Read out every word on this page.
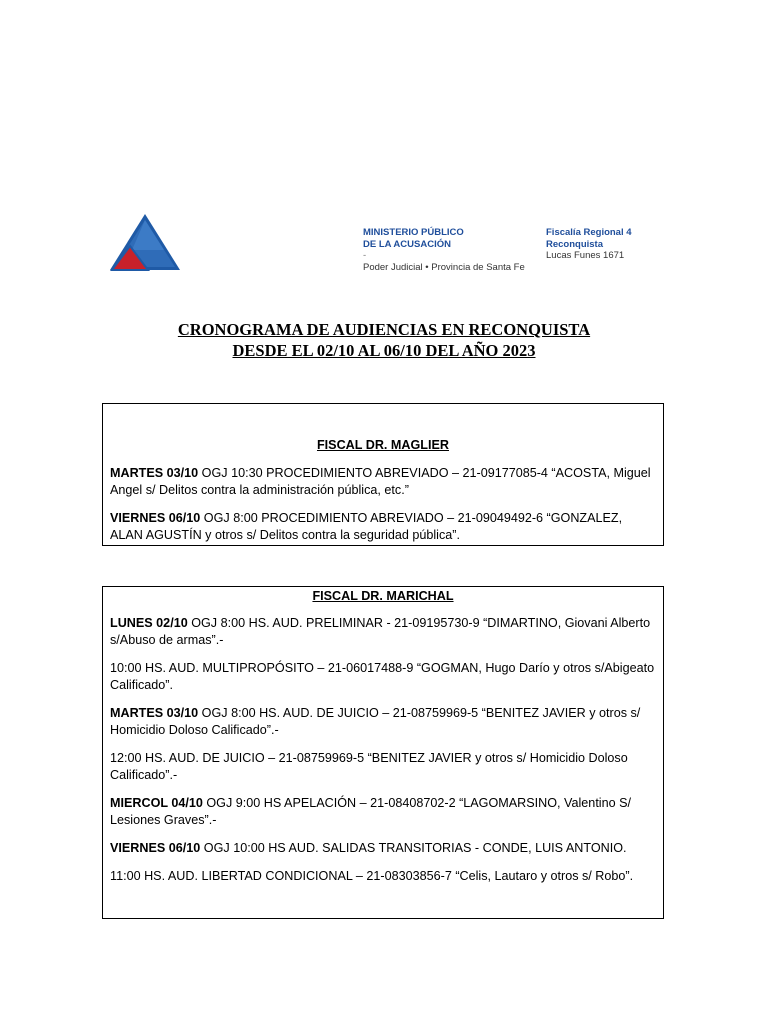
MINISTERIO PÚBLICO
DE LA ACUSACIÓN
-
Poder Judicial • Provincia de Santa Fe
Fiscalía Regional 4
Reconquista
Lucas Funes 1671
CRONOGRAMA DE AUDIENCIAS EN RECONQUISTA
DESDE EL 02/10 AL 06/10 DEL AÑO 2023
FISCAL DR. MAGLIER
MARTES 03/10 OGJ 10:30 PROCEDIMIENTO ABREVIADO – 21-09177085-4 “ACOSTA, Miguel Angel s/ Delitos contra la administración pública, etc.”
VIERNES 06/10 OGJ 8:00 PROCEDIMIENTO ABREVIADO – 21-09049492-6 “GONZALEZ, ALAN AGUSTÍN y otros s/ Delitos contra la seguridad pública”.
FISCAL DR. MARICHAL
LUNES 02/10 OGJ 8:00 HS. AUD. PRELIMINAR - 21-09195730-9 “DIMARTINO, Giovani Alberto s/Abuso de armas”.-
10:00 HS. AUD. MULTIPROPÓSITO – 21-06017488-9 “GOGMAN, Hugo Darío y otros s/Abigeato Calificado”.
MARTES 03/10 OGJ 8:00 HS. AUD. DE JUICIO – 21-08759969-5 “BENITEZ JAVIER y otros s/ Homicidio Doloso Calificado”.-
12:00 HS. AUD. DE JUICIO – 21-08759969-5 “BENITEZ JAVIER y otros s/ Homicidio Doloso Calificado”.-
MIERCOL 04/10 OGJ 9:00 HS APELACIÓN – 21-08408702-2 “LAGOMARSINO, Valentino S/ Lesiones Graves”.-
VIERNES 06/10 OGJ 10:00 HS AUD. SALIDAS TRANSITORIAS - CONDE, LUIS ANTONIO.
11:00 HS. AUD. LIBERTAD CONDICIONAL – 21-08303856-7 “Celis, Lautaro y otros s/ Robo”.
